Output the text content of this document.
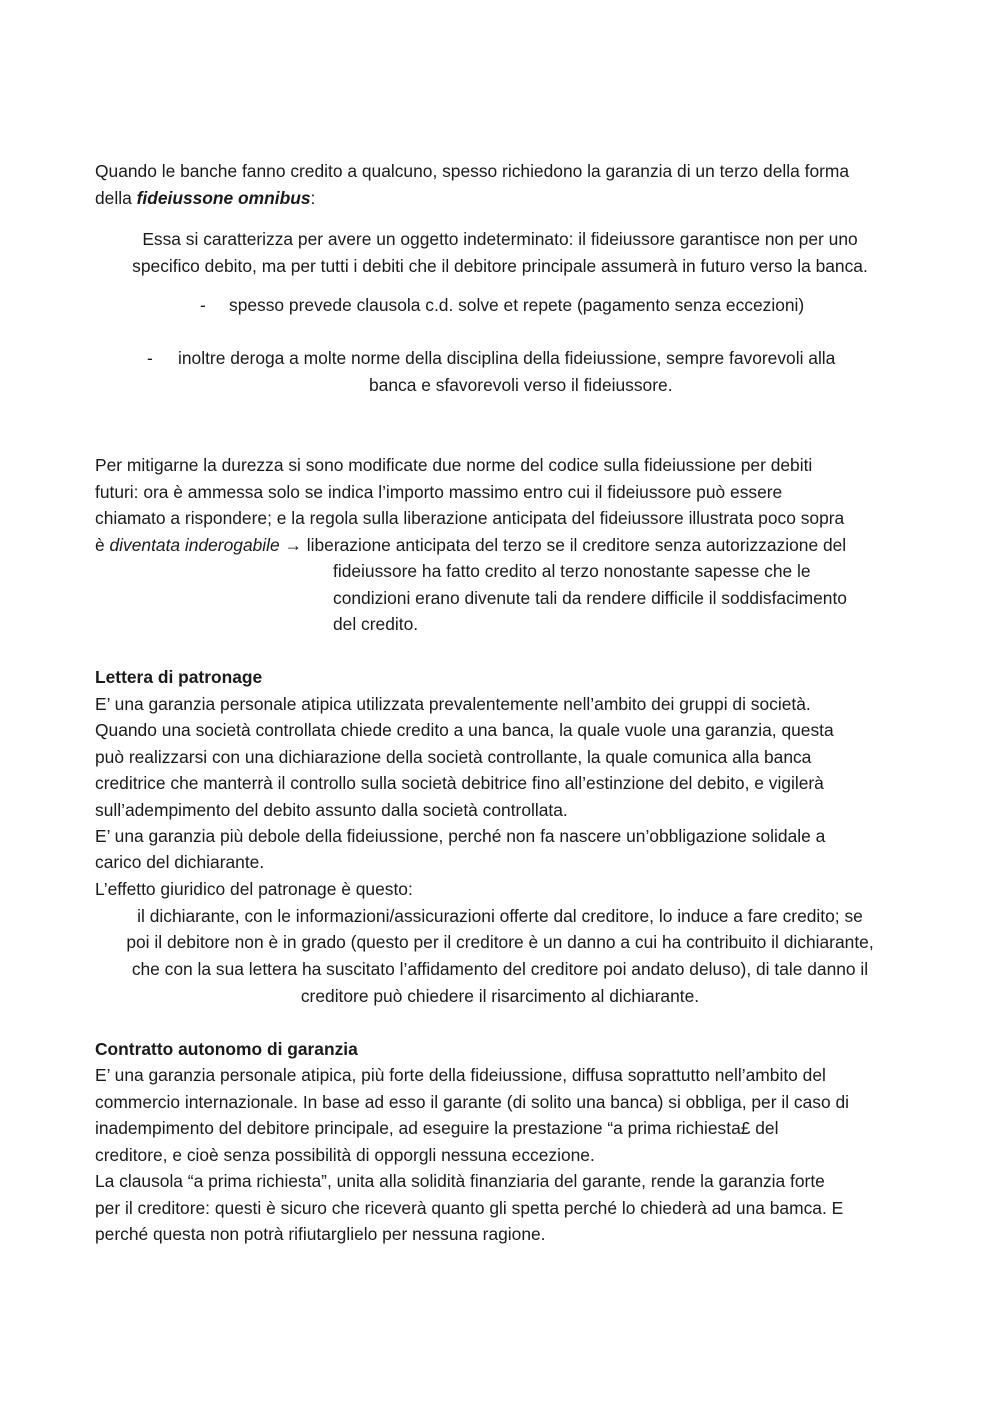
Quando le banche fanno credito a qualcuno, spesso richiedono la garanzia di un terzo della forma
della fideiussone omnibus:
Essa si caratterizza per avere un oggetto indeterminato: il fideiussore garantisce non per uno
specifico debito, ma per tutti i debiti che il debitore principale assumerà in futuro verso la banca.
- spesso prevede clausola c.d. solve et repete (pagamento senza eccezioni)
- inoltre deroga a molte norme della disciplina della fideiussione, sempre favorevoli alla
banca e sfavorevoli verso il fideiussore.
Per mitigarne la durezza si sono modificate due norme del codice sulla fideiussione per debiti
futuri: ora è ammessa solo se indica l’importo massimo entro cui il fideiussore può essere
chiamato a rispondere; e la regola sulla liberazione anticipata del fideiussore illustrata poco sopra
è diventata inderogabile → liberazione anticipata del terzo se il creditore senza autorizzazione del
fideiussore ha fatto credito al terzo nonostante sapesse che le
condizioni erano divenute tali da rendere difficile il soddisfacimento
del credito.
Lettera di patronage
E’ una garanzia personale atipica utilizzata prevalentemente nell’ambito dei gruppi di società.
Quando una società controllata chiede credito a una banca, la quale vuole una garanzia, questa
può realizzarsi con una dichiarazione della società controllante, la quale comunica alla banca
creditrice che manterrà il controllo sulla società debitrice fino all’estinzione del debito, e vigilerà
sull’adempimento del debito assunto dalla società controllata.
E’ una garanzia più debole della fideiussione, perché non fa nascere un’obbligazione solidale a
carico del dichiarante.
L’effetto giuridico del patronage è questo:
il dichiarante, con le informazioni/assicurazioni offerte dal creditore, lo induce a fare credito; se
poi il debitore non è in grado (questo per il creditore è un danno a cui ha contribuito il dichiarante,
che con la sua lettera ha suscitato l’affidamento del creditore poi andato deluso), di tale danno il
creditore può chiedere il risarcimento al dichiarante.
Contratto autonomo di garanzia
E’ una garanzia personale atipica, più forte della fideiussione, diffusa soprattutto nell’ambito del
commercio internazionale. In base ad esso il garante (di solito una banca) si obbliga, per il caso di
inadempimento del debitore principale, ad eseguire la prestazione “a prima richiesta£ del
creditore, e cioè senza possibilità di opporgli nessuna eccezione.
La clausola “a prima richiesta”, unita alla solidità finanziaria del garante, rende la garanzia forte
per il creditore: questi è sicuro che riceverà quanto gli spetta perché lo chiederà ad una bamca. E
perché questa non potrà rifiutarglielo per nessuna ragione.
